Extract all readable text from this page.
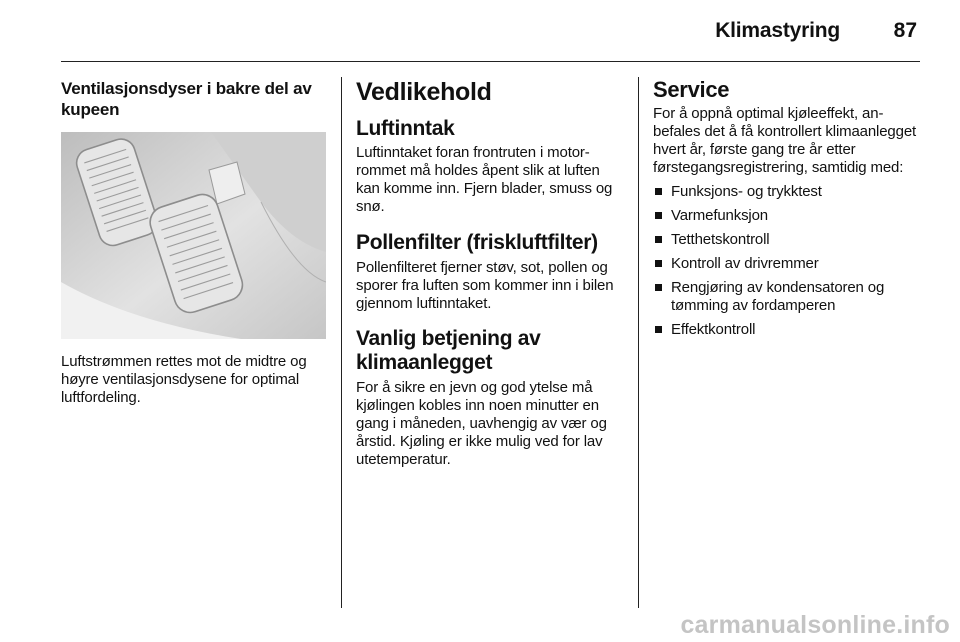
Klimastyring	87
Ventilasjonsdyser i bakre del av kupeen
Luftstrømmen rettes mot de midtre og høyre ventilasjonsdysene for optimal luftfordeling.
Vedlikehold
Luftinntak
Luftinntaket foran frontruten i motorrommet må holdes åpent slik at luften kan komme inn. Fjern blader, smuss og snø.
Pollenfilter (friskluftfilter)
Pollenfilteret fjerner støv, sot, pollen og sporer fra luften som kommer inn i bilen gjennom luftinntaket.
Vanlig betjening av klimaanlegget
For å sikre en jevn og god ytelse må kjølingen kobles inn noen minutter en gang i måneden, uavhengig av vær og årstid. Kjøling er ikke mulig ved for lav utetemperatur.
Service
For å oppnå optimal kjøleeffekt, anbefales det å få kontrollert klimaanlegget hvert år, første gang tre år etter førstegangsregistrering, samtidig med:
Funksjons- og trykktest
Varmefunksjon
Tetthetskontroll
Kontroll av drivremmer
Rengjøring av kondensatoren og tømming av fordamperen
Effektkontroll
carmanualsonline.info
